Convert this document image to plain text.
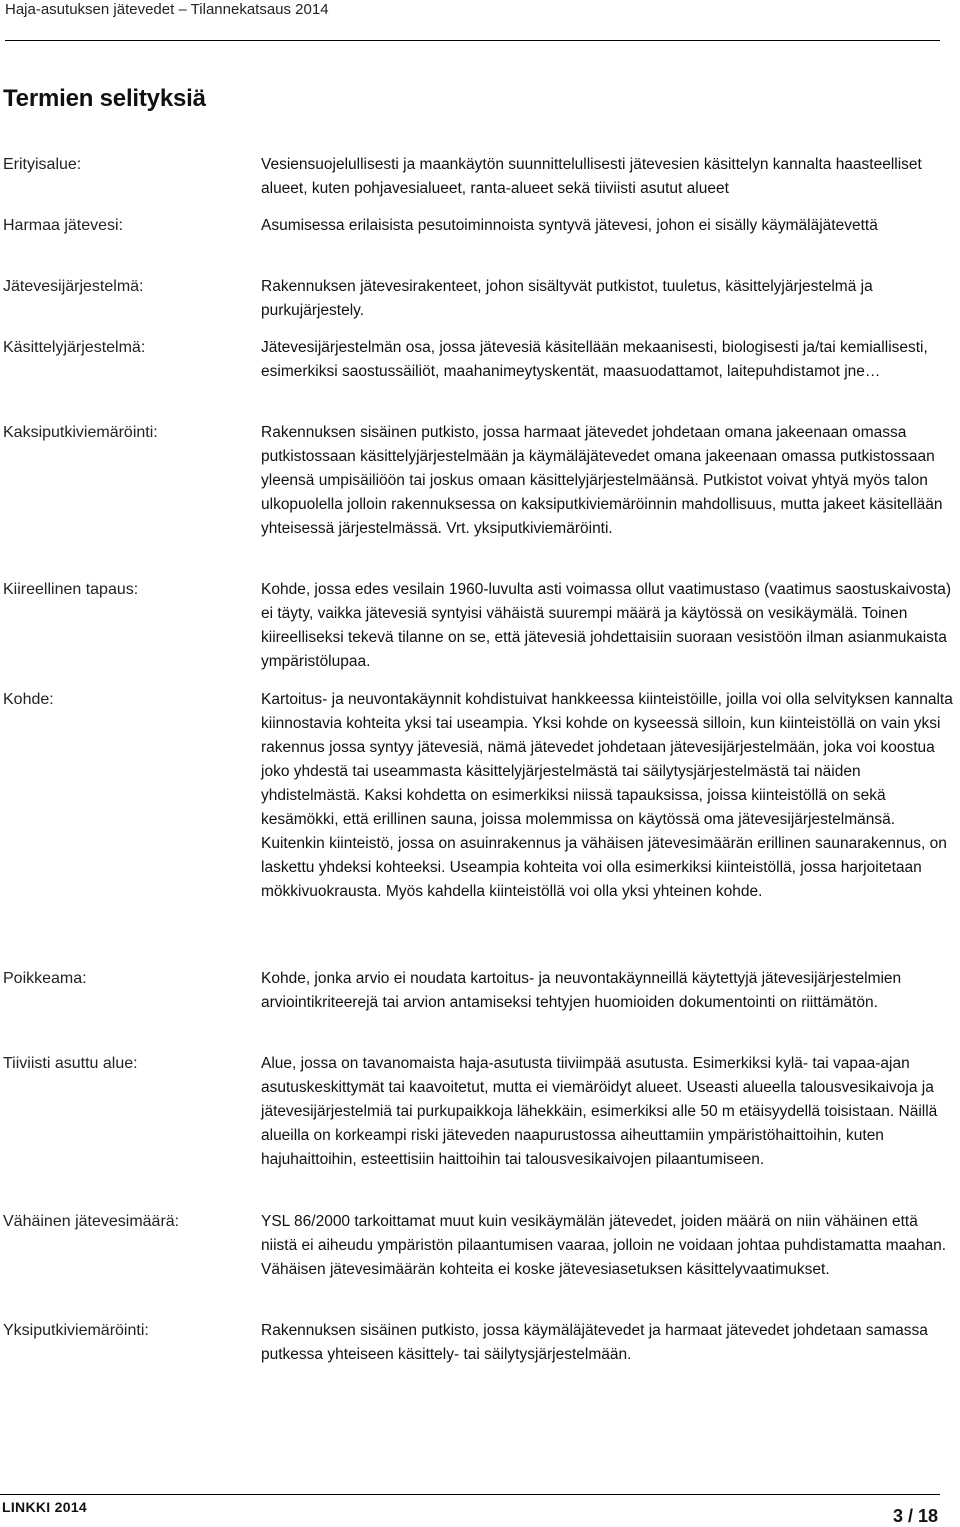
Haja-asutuksen jätevedet – Tilannekatsaus 2014
Termien selityksiä
Erityisalue:	Vesiensuojelullisesti ja maankäytön suunnittelullisesti jätevesien käsittelyn kannalta haasteelliset alueet, kuten pohjavesialueet, ranta-alueet sekä tiiviisti asutut alueet
Harmaa jätevesi:	Asumisessa erilaisista pesutoiminnoista syntyvä jätevesi, johon ei sisälly käymäläjätevettä
Jätevesijärjestelmä:	Rakennuksen jätevesirakenteet, johon sisältyvät putkistot, tuuletus, käsittelyjärjestelmä ja purkujärjestely.
Käsittelyjärjestelmä:	Jätevesijärjestelmän osa, jossa jätevesiä käsitellään mekaanisesti, biologisesti ja/tai kemiallisesti, esimerkiksi saostussäiliöt, maahanimeytyskentät, maasuodattamot, laitepuhdistamot jne…
Kaksiputkiviemäröinti:	Rakennuksen sisäinen putkisto, jossa harmaat jätevedet johdetaan omana jakeenaan omassa putkistossaan käsittelyjärjestelmään ja käymäläjätevedet omana jakeenaan omassa putkistossaan yleensä umpisäiliöön tai joskus omaan käsittelyjärjestelmäänsä. Putkistot voivat yhtyä myös talon ulkopuolella jolloin rakennuksessa on kaksiputkiviemäröinnin mahdollisuus, mutta jakeet käsitellään yhteisessä järjestelmässä. Vrt. yksiputkiviemäröinti.
Kiireellinen tapaus:	Kohde, jossa edes vesilain 1960-luvulta asti voimassa ollut vaatimustaso (vaatimus saostuskaivosta) ei täyty, vaikka jätevesiä syntyisi vähäistä suurempi määrä ja käytössä on vesikäymälä. Toinen kiireelliseksi tekevä tilanne on se, että jätevesiä johdettaisiin suoraan vesistöön ilman asianmukaista ympäristölupaa.
Kohde:	Kartoitus- ja neuvontakäynnit kohdistuivat hankkeessa kiinteistöille, joilla voi olla selvityksen kannalta kiinnostavia kohteita yksi tai useampia. Yksi kohde on kyseessä silloin, kun kiinteistöllä on vain yksi rakennus jossa syntyy jätevesiä, nämä jätevedet johdetaan jätevesijärjestelmään, joka voi koostua joko yhdestä tai useammasta käsittelyjärjestelmästä tai säilytysjärjestelmästä tai näiden yhdistelmästä. Kaksi kohdetta on esimerkiksi niissä tapauksissa, joissa kiinteistöllä on sekä kesämökki, että erillinen sauna, joissa molemmissa on käytössä oma jätevesijärjestelmänsä. Kuitenkin kiinteistö, jossa on asuinrakennus ja vähäisen jätevesimäärän erillinen saunarakennus, on laskettu yhdeksi kohteeksi. Useampia kohteita voi olla esimerkiksi kiinteistöllä, jossa harjoitetaan mökkivuokrausta. Myös kahdella kiinteistöllä voi olla yksi yhteinen kohde.
Poikkeama:	Kohde, jonka arvio ei noudata kartoitus- ja neuvontakäynneillä käytettyjä jätevesijärjestelmien arviointikriteerejä tai arvion antamiseksi tehtyjen huomioiden dokumentointi on riittämätön.
Tiiviisti asuttu alue:	Alue, jossa on tavanomaista haja-asutusta tiiviimpää asutusta. Esimerkiksi kylä- tai vapaa-ajan asutuskeskittymät tai kaavoitetut, mutta ei viemäröidyt alueet. Useasti alueella talousvesikaivoja ja jätevesijärjestelmiä tai purkupaikkoja lähekkäin, esimerkiksi alle 50 m etäisyydellä toisistaan. Näillä alueilla on korkeampi riski jäteveden naapurustossa aiheuttamiin ympäristöhaittoihin, kuten hajuhaittoihin, esteettisiin haittoihin tai talousvesikaivojen pilaantumiseen.
Vähäinen jätevesimäärä:	YSL 86/2000 tarkoittamat muut kuin vesikäymälän jätevedet, joiden määrä on niin vähäinen että niistä ei aiheudu ympäristön pilaantumisen vaaraa, jolloin ne voidaan johtaa puhdistamatta maahan. Vähäisen jätevesimäärän kohteita ei koske jätevesiasetuksen käsittelyvaatimukset.
Yksiputkiviemäröinti:	Rakennuksen sisäinen putkisto, jossa käymäläjätevedet ja harmaat jätevedet johdetaan samassa putkessa yhteiseen käsittely- tai säilytysjärjestelmään.
LINKKI 2014	3 / 18
